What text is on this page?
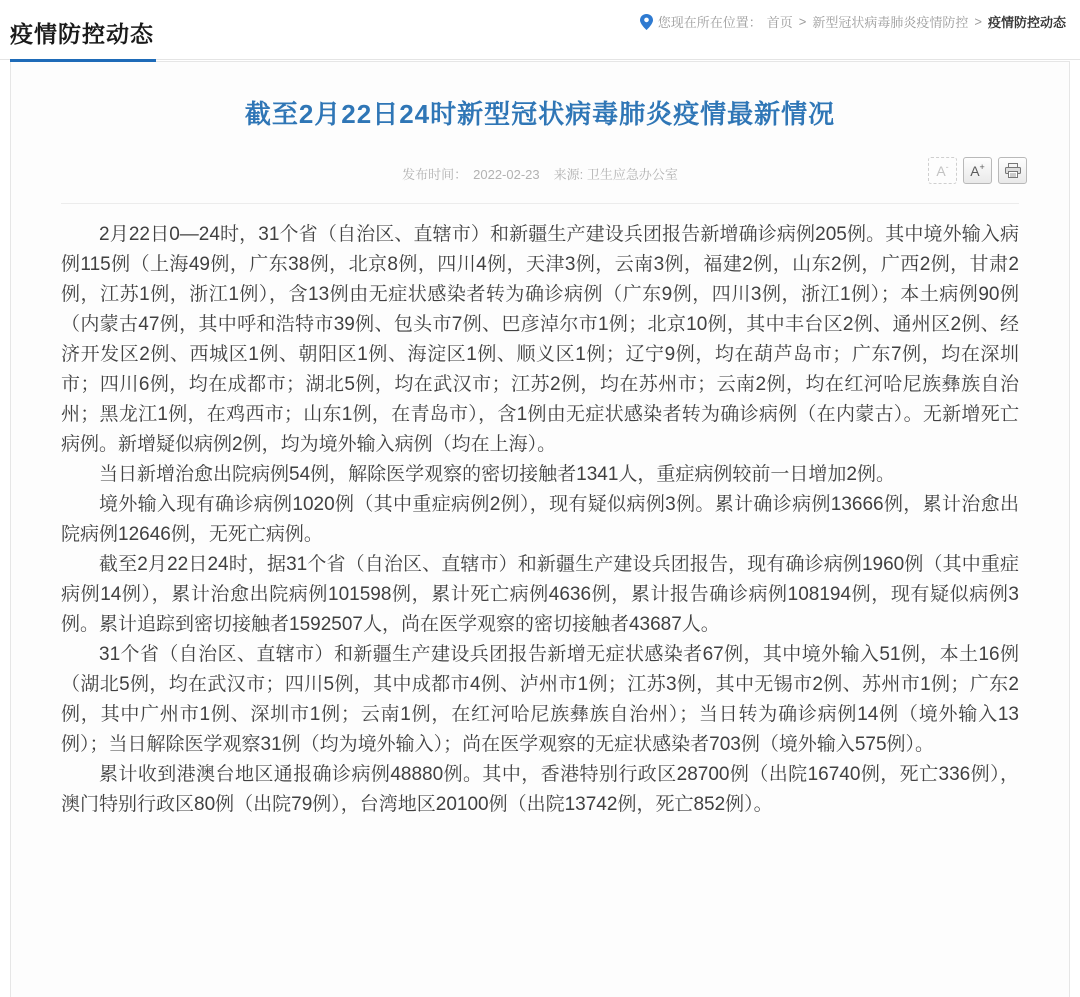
疫情防控动态	您现在所在位置： 首页 > 新型冠状病毒肺炎疫情防控 > 疫情防控动态
截至2月22日24时新型冠状病毒肺炎疫情最新情况
发布时间： 2022-02-23 来源: 卫生应急办公室	A- A+

2月22日0—24时，31个省（自治区、直辖市）和新疆生产建设兵团报告新增确诊病例205例。其中境外输入病例115例（上海49例，广东38例，北京8例，四川4例，天津3例，云南3例，福建2例，山东2例，广西2例，甘肃2例，江苏1例，浙江1例），含13例由无症状感染者转为确诊病例（广东9例，四川3例，浙江1例）；本土病例90例（内蒙古47例，其中呼和浩特市39例、包头市7例、巴彦淖尔市1例；北京10例，其中丰台区2例、通州区2例、经济开发区2例、西城区1例、朝阳区1例、海淀区1例、顺义区1例；辽宁9例，均在葫芦岛市；广东7例，均在深圳市；四川6例，均在成都市；湖北5例，均在武汉市；江苏2例，均在苏州市；云南2例，均在红河哈尼族彝族自治州；黑龙江1例，在鸡西市；山东1例，在青岛市），含1例由无症状感染者转为确诊病例（在内蒙古）。无新增死亡病例。新增疑似病例2例，均为境外输入病例（均在上海）。

当日新增治愈出院病例54例，解除医学观察的密切接触者1341人，重症病例较前一日增加2例。

境外输入现有确诊病例1020例（其中重症病例2例），现有疑似病例3例。累计确诊病例13666例，累计治愈出院病例12646例，无死亡病例。

截至2月22日24时，据31个省（自治区、直辖市）和新疆生产建设兵团报告，现有确诊病例1960例（其中重症病例14例），累计治愈出院病例101598例，累计死亡病例4636例，累计报告确诊病例108194例，现有疑似病例3例。累计追踪到密切接触者1592507人，尚在医学观察的密切接触者43687人。

31个省（自治区、直辖市）和新疆生产建设兵团报告新增无症状感染者67例，其中境外输入51例，本土16例（湖北5例，均在武汉市；四川5例，其中成都市4例、泸州市1例；江苏3例，其中无锡市2例、苏州市1例；广东2例，其中广州市1例、深圳市1例；云南1例，在红河哈尼族彝族自治州）；当日转为确诊病例14例（境外输入13例）；当日解除医学观察31例（均为境外输入）；尚在医学观察的无症状感染者703例（境外输入575例）。

累计收到港澳台地区通报确诊病例48880例。其中，香港特别行政区28700例（出院16740例，死亡336例），澳门特别行政区80例（出院79例），台湾地区20100例（出院13742例，死亡852例）。
